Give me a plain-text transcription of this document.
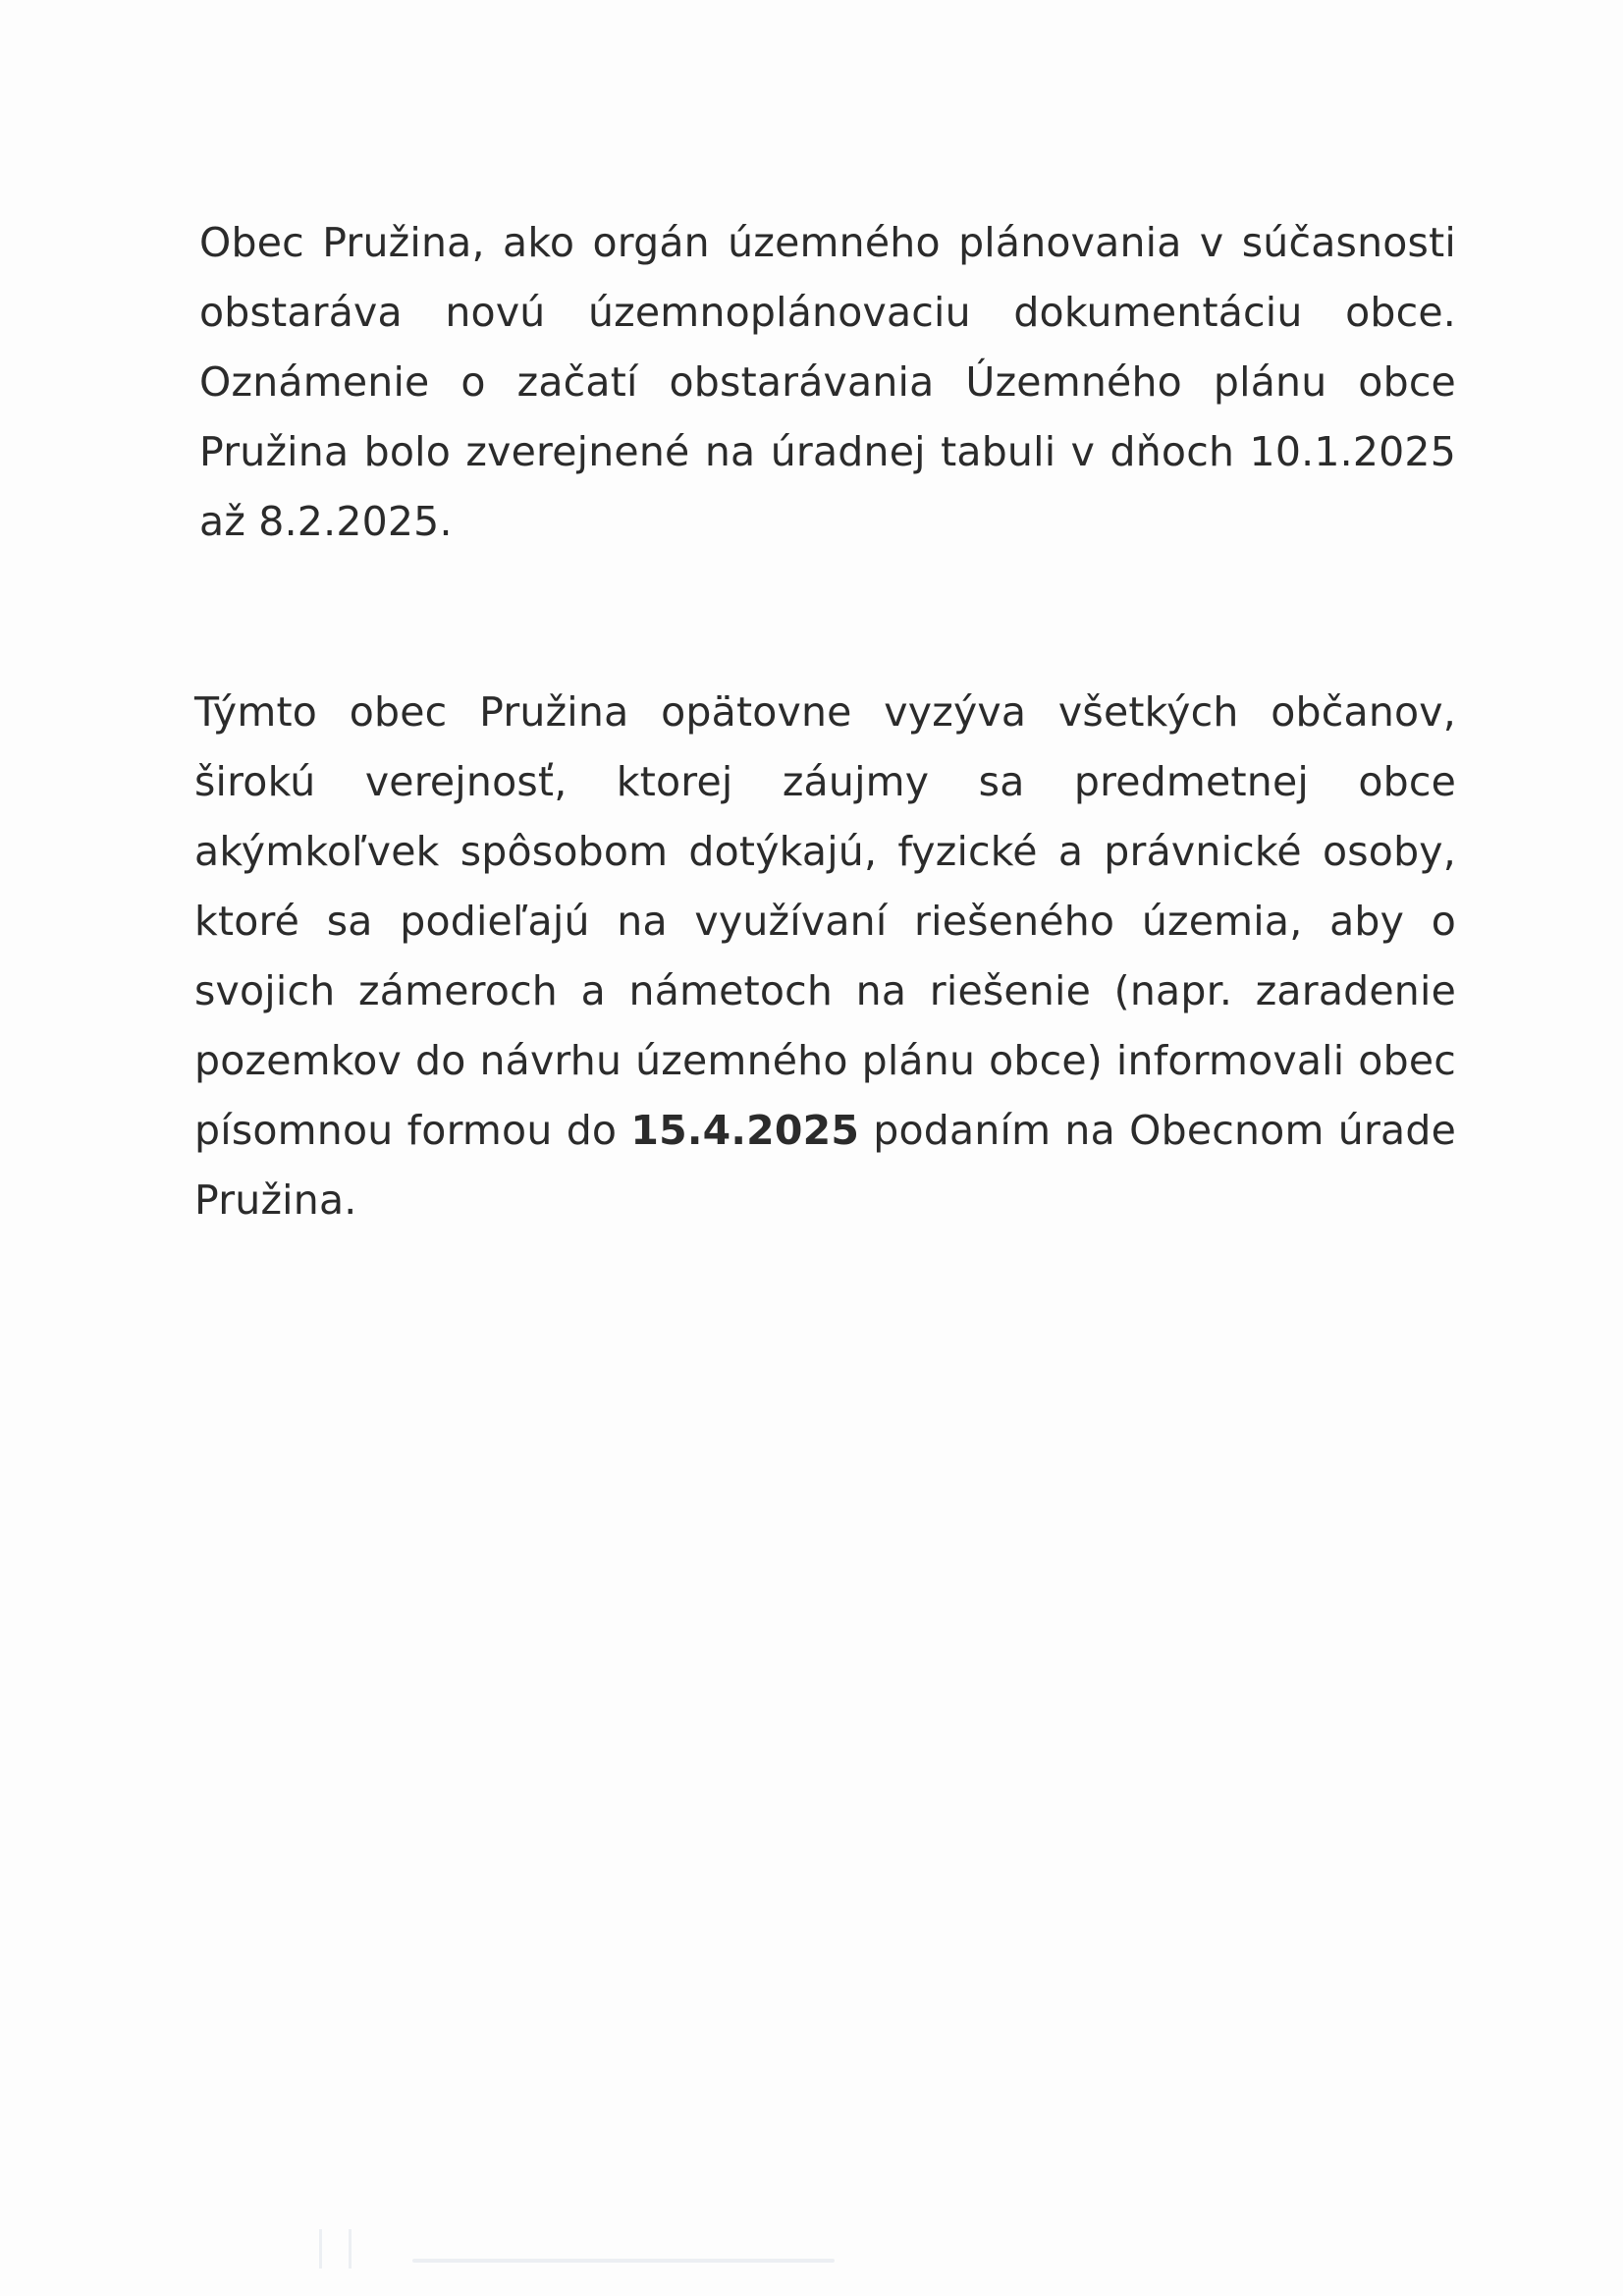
Obec Pružina, ako orgán územného plánovania v súčasnosti obstaráva novú územnoplánovaciu dokumentáciu obce. Oznámenie o začatí obstarávania Územného plánu obce Pružina bolo zverejnené na úradnej tabuli v dňoch 10.1.2025 až 8.2.2025.

Týmto obec Pružina opätovne vyzýva všetkých občanov, širokú verejnosť, ktorej záujmy sa predmetnej obce akýmkoľvek spôsobom dotýkajú, fyzické a právnické osoby, ktoré sa podieľajú na využívaní riešeného územia, aby o svojich zámeroch a námetoch na riešenie (napr. zaradenie pozemkov do návrhu územného plánu obce) informovali obec písomnou formou do 15.4.2025 podaním na Obecnom úrade Pružina.
